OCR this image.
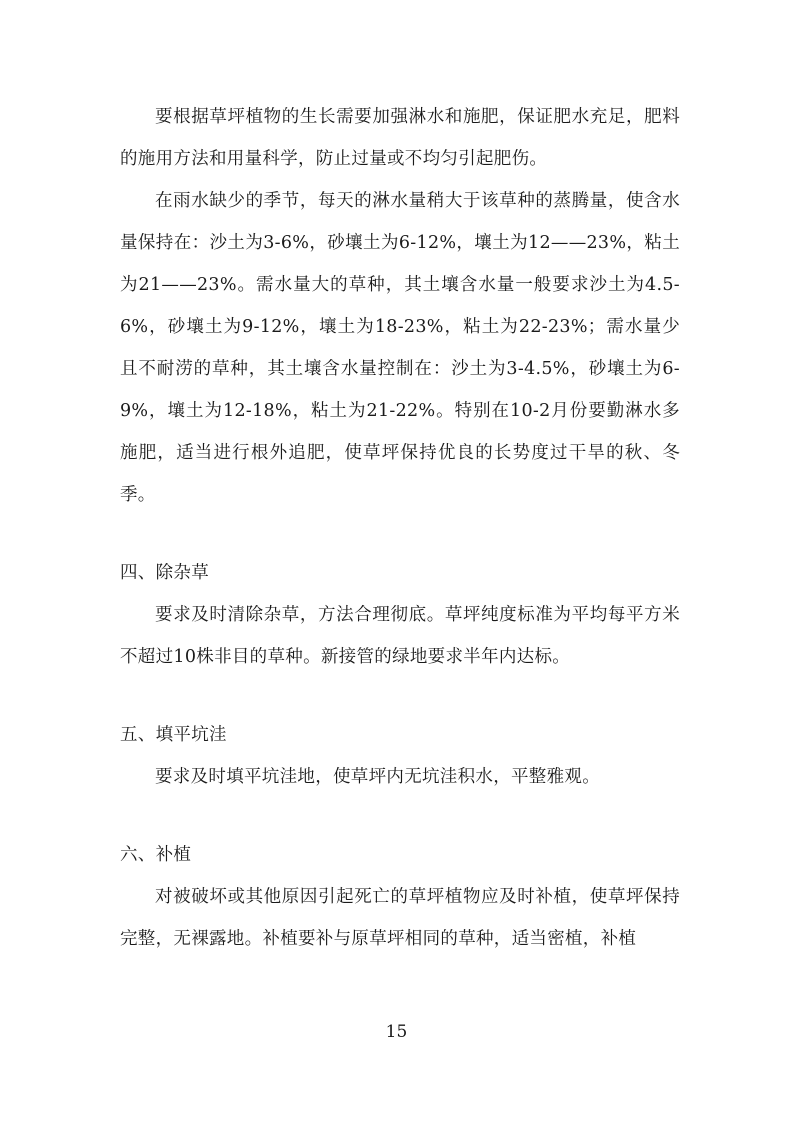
要根据草坪植物的生长需要加强淋水和施肥，保证肥水充足，肥料的施用方法和用量科学，防止过量或不均匀引起肥伤。

在雨水缺少的季节，每天的淋水量稍大于该草种的蒸腾量，使含水量保持在：沙土为3-6%，砂壤土为6-12%，壤土为12——23%，粘土为21——23%。需水量大的草种，其土壤含水量一般要求沙土为4.5-6%，砂壤土为9-12%，壤土为18-23%，粘土为22-23%；需水量少且不耐涝的草种，其土壤含水量控制在：沙土为3-4.5%，砂壤土为6-9%，壤土为12-18%，粘土为21-22%。特别在10-2月份要勤淋水多施肥，适当进行根外追肥，使草坪保持优良的长势度过干旱的秋、冬季。

四、除杂草

要求及时清除杂草，方法合理彻底。草坪纯度标准为平均每平方米不超过10株非目的草种。新接管的绿地要求半年内达标。

五、填平坑洼

要求及时填平坑洼地，使草坪内无坑洼积水，平整雅观。

六、补植

对被破坏或其他原因引起死亡的草坪植物应及时补植，使草坪保持完整，无裸露地。补植要补与原草坪相同的草种，适当密植，补植

15
